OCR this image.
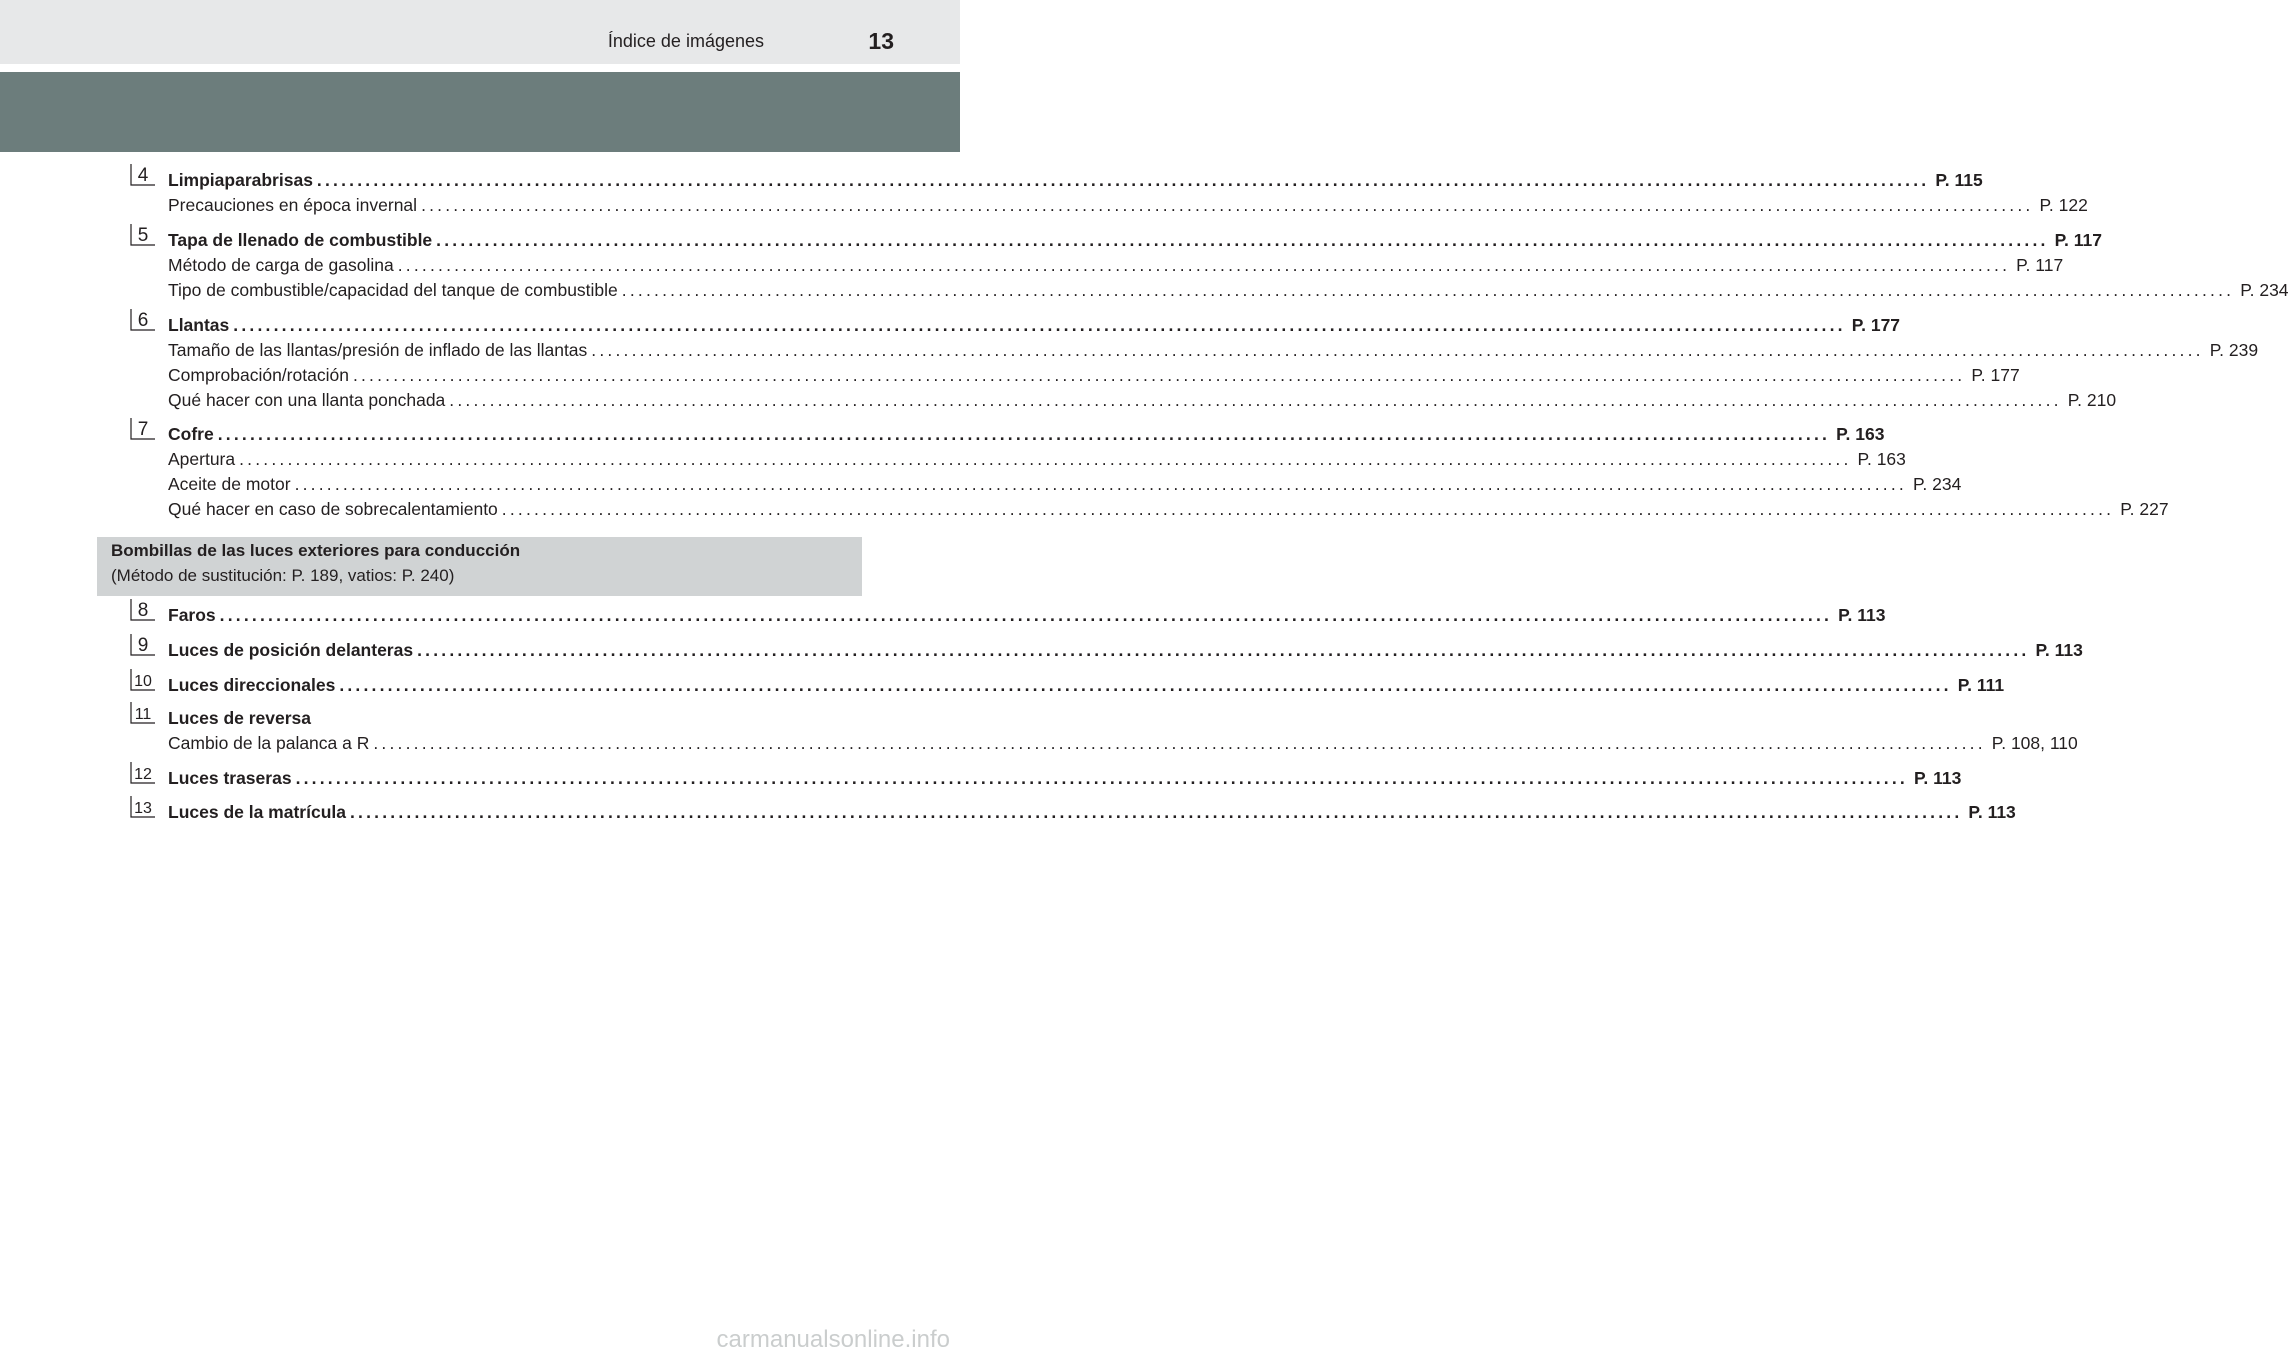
Índice de imágenes	13
4 Limpiaparabrisas ........................................................................................................................................................................................................ P. 115
Precauciones en época invernal ........................................................................................................................................................................................................ P. 122
5 Tapa de llenado de combustible ........................................................................................................................................................................................................ P. 117
Método de carga de gasolina ........................................................................................................................................................................................................ P. 117
Tipo de combustible/capacidad del tanque de combustible ........................................................................................................................................................................................................ P. 234
6 Llantas ........................................................................................................................................................................................................ P. 177
Tamaño de las llantas/presión de inflado de las llantas ........................................................................................................................................................................................................ P. 239
Comprobación/rotación ........................................................................................................................................................................................................ P. 177
Qué hacer con una llanta ponchada ........................................................................................................................................................................................................ P. 210
7 Cofre ........................................................................................................................................................................................................ P. 163
Apertura ........................................................................................................................................................................................................ P. 163
Aceite de motor ........................................................................................................................................................................................................ P. 234
Qué hacer en caso de sobrecalentamiento ........................................................................................................................................................................................................ P. 227
8 Faros ........................................................................................................................................................................................................ P. 113
9 Luces de posición delanteras ........................................................................................................................................................................................................ P. 113
10 Luces direccionales ........................................................................................................................................................................................................ P. 111
11 Luces de reversa
Cambio de la palanca a R ........................................................................................................................................................................................................ P. 108, 110
12 Luces traseras ........................................................................................................................................................................................................ P. 113
13 Luces de la matrícula ........................................................................................................................................................................................................ P. 113
Bombillas de las luces exteriores para conducción
(Método de sustitución: P. 189, vatios: P. 240)
carmanualsonline.info
